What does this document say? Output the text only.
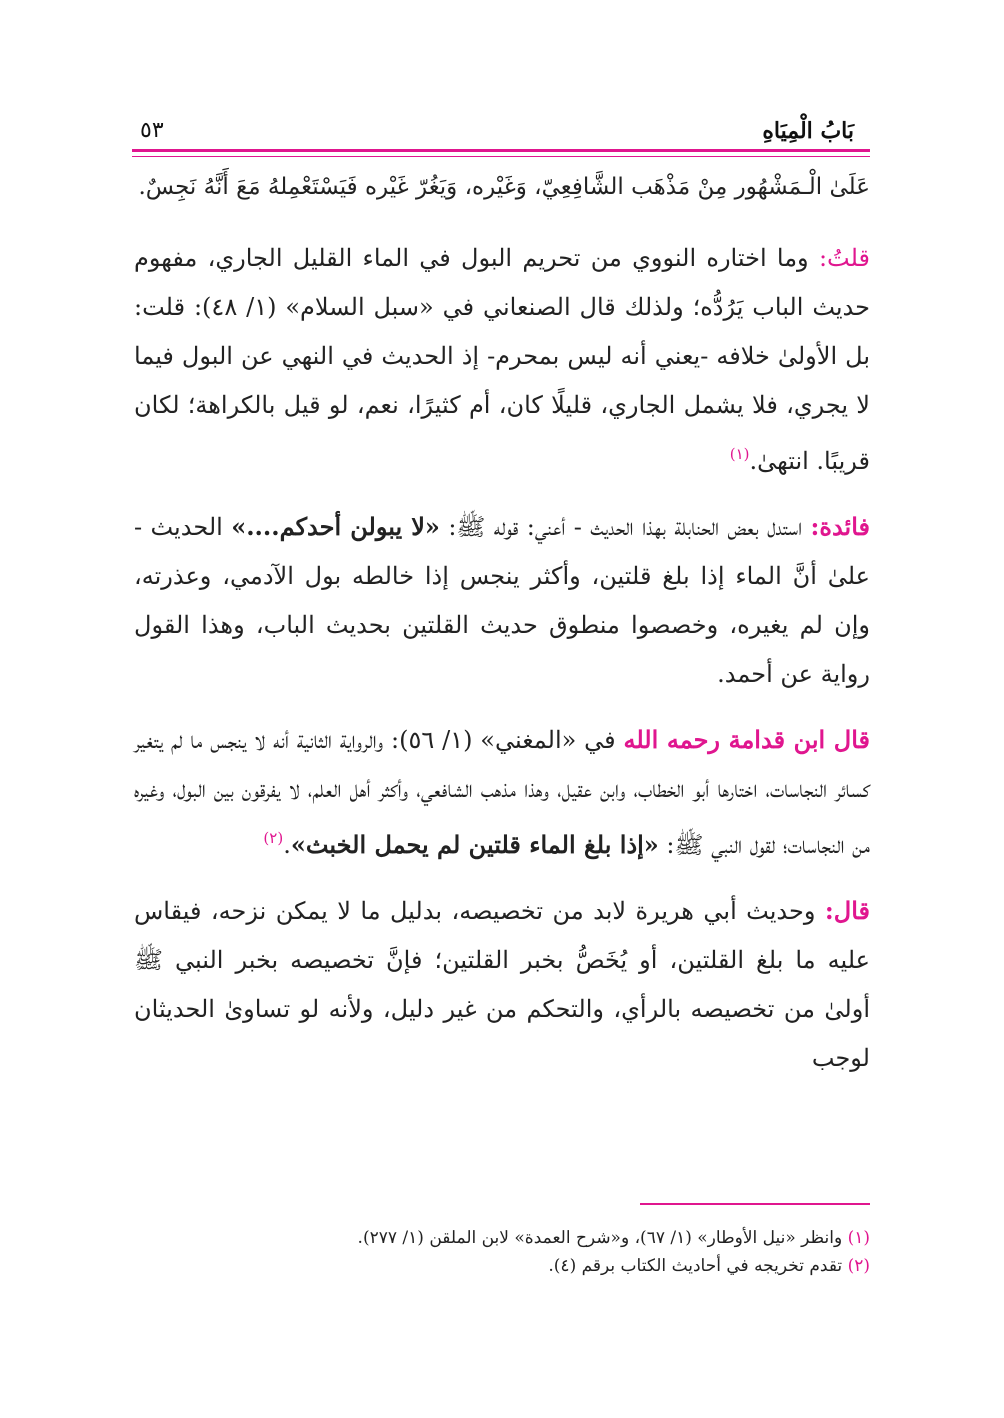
بَابُ الْمِيَاهِ
٥٣

عَلَىٰ الْـمَشْهُور مِنْ مَذْهَب الشَّافِعِيّ، وَغَيْره، وَيَغُرّ غَيْره فَيَسْتَعْمِلهُ مَعَ أَنَّهُ نَجِسٌ.

قلتُ: وما اختاره النووي من تحريم البول في الماء القليل الجاري، مفهوم حديث الباب يَرُدُّه؛ ولذلك قال الصنعاني في «سبل السلام» (١/ ٤٨): قلت: بل الأولىٰ خلافه -يعني أنه ليس بمحرم- إذ الحديث في النهي عن البول فيما لا يجري، فلا يشمل الجاري، قليلًا كان، أم كثيرًا، نعم، لو قيل بالكراهة؛ لكان قريبًا. انتهىٰ.$^{(١)}$

فائدة: استدل بعض الحنابلة بهذا الحديث - أعني: قوله ﷺ: «لا يبولن أحدكم....» الحديث - علىٰ أنَّ الماء إذا بلغ قلتين، وأكثر ينجس إذا خالطه بول الآدمي، وعذرته، وإن لم يغيره، وخصصوا منطوق حديث القلتين بحديث الباب، وهذا القول رواية عن أحمد.

قال ابن قدامة رحمه الله في «المغني» (١/ ٥٦): والرواية الثانية أنه لا ينجس ما لم يتغير كسائر النجاسات، اختارها أبو الخطاب، وابن عقيل، وهذا مذهب الشافعي، وأكثر أهل العلم، لا يفرقون بين البول، وغيره من النجاسات؛ لقول النبي ﷺ: «إذا بلغ الماء قلتين لم يحمل الخبث».$^{(٢)}$

قال: وحديث أبي هريرة لابد من تخصيصه، بدليل ما لا يمكن نزحه، فيقاس عليه ما بلغ القلتين، أو يُخَصُّ بخبر القلتين؛ فإنَّ تخصيصه بخبر النبي ﷺ أولىٰ من تخصيصه بالرأي، والتحكم من غير دليل، ولأنه لو تساوىٰ الحديثان لوجب

(١) وانظر «نيل الأوطار» (١/ ٦٧)، و«شرح العمدة» لابن الملقن (١/ ٢٧٧).

(٢) تقدم تخريجه في أحاديث الكتاب برقم (٤).
